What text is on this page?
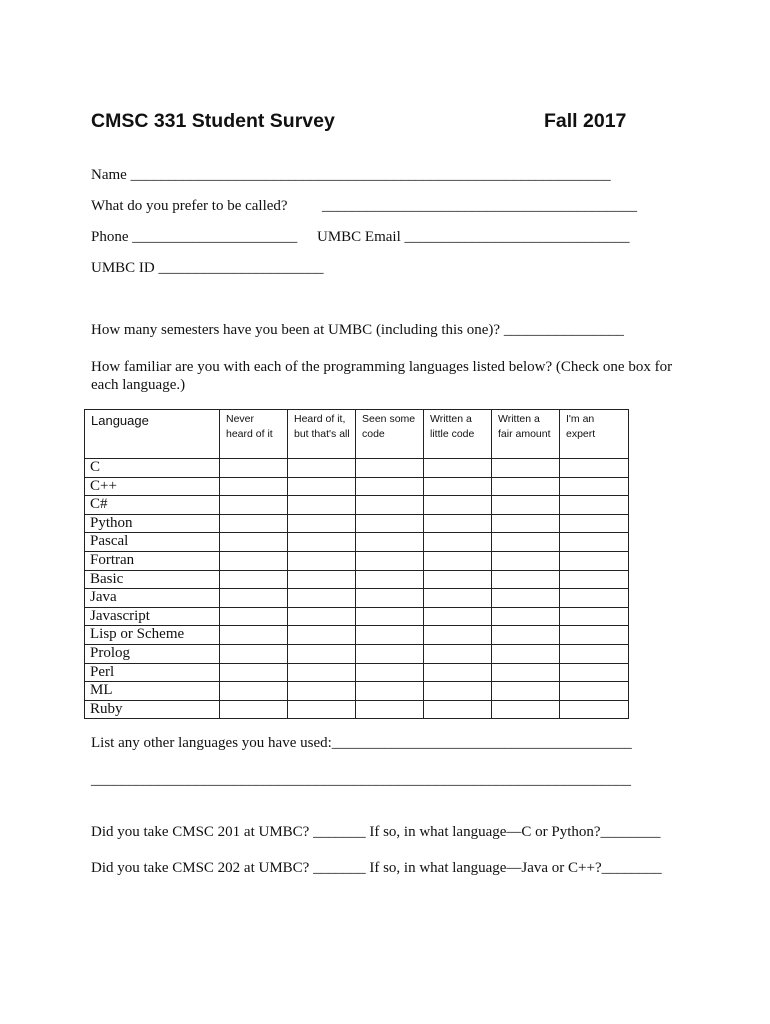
CMSC 331 Student Survey	Fall 2017
Name ________________________________________________________________
What do you prefer to be called? __________________________________________
Phone ______________________ UMBC Email ______________________________
UMBC ID ______________________
How many semesters have you been at UMBC (including this one)? ________________
How familiar are you with each of the programming languages listed below? (Check one box for each language.)
Language	Never heard of it	Heard of it, but that's all	Seen some code	Written a little code	Written a fair amount	I'm an expert
C						
C++						
C#						
Python						
Pascal						
Fortran						
Basic						
Java						
Javascript						
Lisp or Scheme						
Prolog						
Perl						
ML						
Ruby						
List any other languages you have used:________________________________________
________________________________________________________________________
Did you take CMSC 201 at UMBC? _______ If so, in what language—C or Python?________
Did you take CMSC 202 at UMBC? _______ If so, in what language—Java or C++?________
